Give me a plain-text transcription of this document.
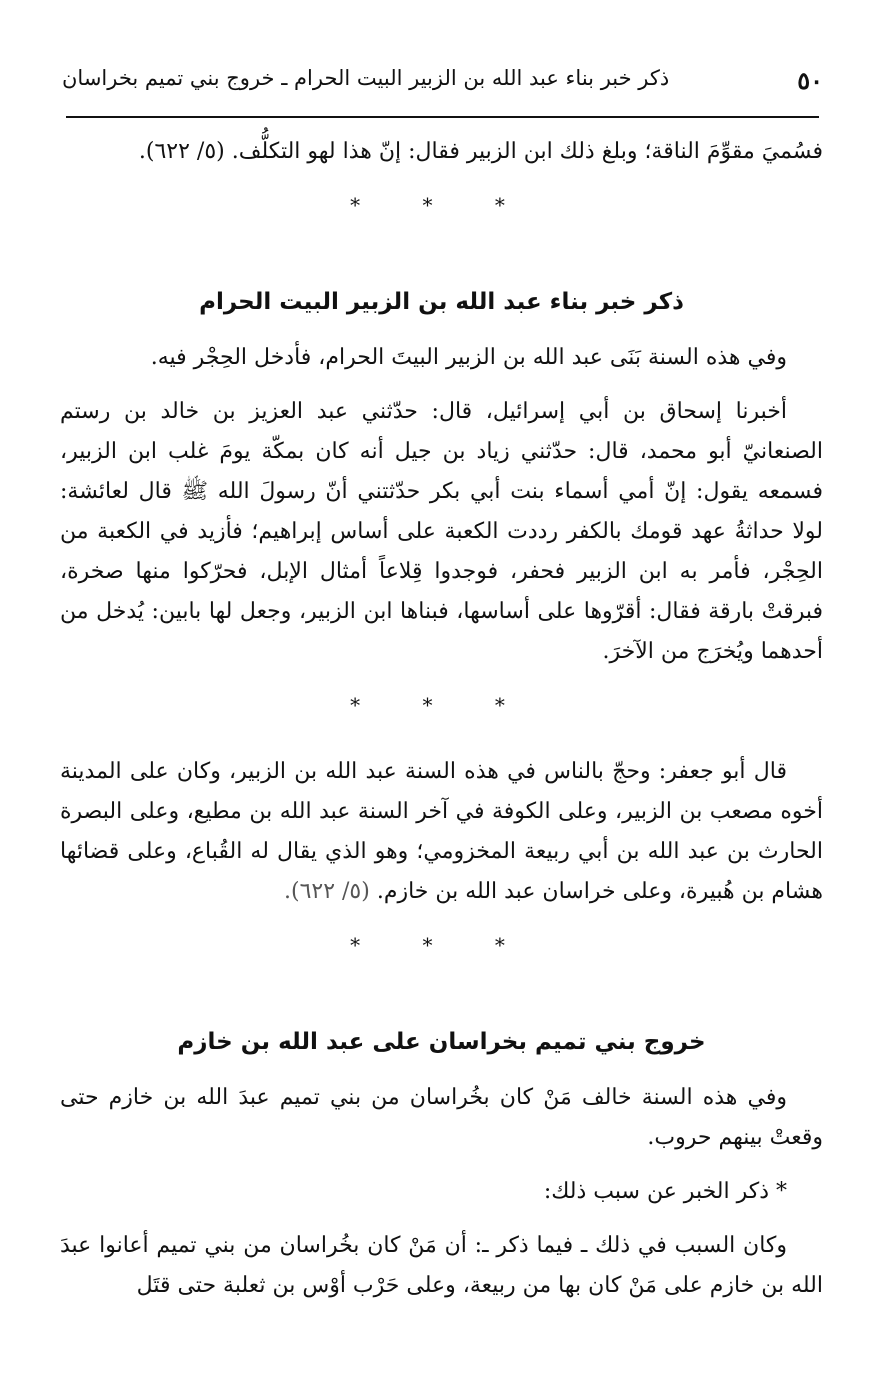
٥٠
ذكر خبر بناء عبد الله بن الزبير البيت الحرام ـ خروج بني تميم بخراسان

فسُميَ مقوِّمَ الناقة؛ وبلغ ذلك ابن الزبير فقال: إنّ هذا لهو التكلُّف. (٥/ ٦٢٢).

* * *
ذكر خبر بناء عبد الله بن الزبير البيت الحرام

وفي هذه السنة بَنَى عبد الله بن الزبير البيتَ الحرام، فأدخل الحِجْر فيه.

أخبرنا إسحاق بن أبي إسرائيل، قال: حدّثني عبد العزيز بن خالد بن رستم الصنعانيّ أبو محمد، قال: حدّثني زياد بن جيل أنه كان بمكّة يومَ غلب ابن الزبير، فسمعه يقول: إنّ أمي أسماء بنت أبي بكر حدّثتني أنّ رسولَ الله ﷺ قال لعائشة: لولا حداثةُ عهد قومك بالكفر رددت الكعبة على أساس إبراهيم؛ فأزيد في الكعبة من الحِجْر، فأمر به ابن الزبير فحفر، فوجدوا قِلاعاً أمثال الإبل، فحرّكوا منها صخرة، فبرقتْ بارقة فقال: أقرّوها على أساسها، فبناها ابن الزبير، وجعل لها بابين: يُدخل من أحدهما ويُخرَج من الآخرَ.

* * *

قال أبو جعفر: وحجّ بالناس في هذه السنة عبد الله بن الزبير، وكان على المدينة أخوه مصعب بن الزبير، وعلى الكوفة في آخر السنة عبد الله بن مطيع، وعلى البصرة الحارث بن عبد الله بن أبي ربيعة المخزومي؛ وهو الذي يقال له القُباع، وعلى قضائها هشام بن هُبيرة، وعلى خراسان عبد الله بن خازم. (٥/ ٦٢٢).

* * *
خروج بني تميم بخراسان على عبد الله بن خازم

وفي هذه السنة خالف مَنْ كان بخُراسان من بني تميم عبدَ الله بن خازم حتى وقعتْ بينهم حروب.

* ذكر الخبر عن سبب ذلك:

وكان السبب في ذلك ـ فيما ذكر ـ: أن مَنْ كان بخُراسان من بني تميم أعانوا عبدَ الله بن خازم على مَنْ كان بها من ربيعة، وعلى حَرْب أوْس بن ثعلبة حتى قتَل
